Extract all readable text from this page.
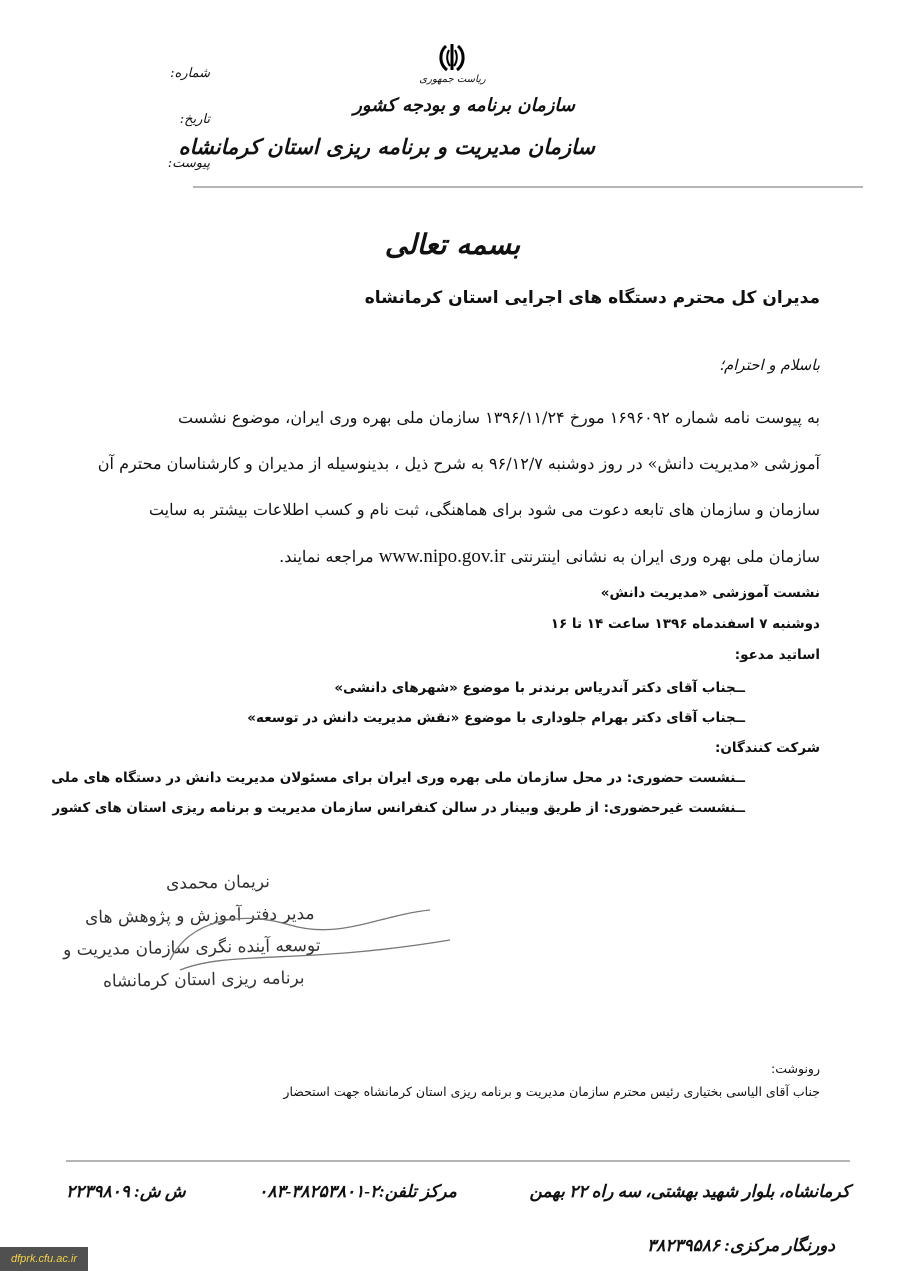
ریاست جمهوری
سازمان برنامه و بودجه کشور
سازمان مدیریت و برنامه ریزی استان کرمانشاه
شماره:
تاریخ:
پیوست:
بسمه تعالی
مدیران کل محترم دستگاه های اجرایی استان کرمانشاه
باسلام و احترام؛
به پیوست نامه شماره ۱۶۹۶۰۹۲ مورخ ۱۳۹۶/۱۱/۲۴ سازمان ملی بهره وری ایران، موضوع نشست
آموزشی «مدیریت دانش» در روز دوشنبه ۹۶/۱۲/۷ به شرح ذیل ، بدینوسیله از مدیران و کارشناسان محترم آن
سازمان و سازمان های تابعه دعوت می شود برای هماهنگی، ثبت نام و کسب اطلاعات بیشتر به سایت
سازمان ملی بهره وری ایران به نشانی اینترنتی www.nipo.gov.ir مراجعه نمایند.
نشست آموزشی «مدیریت دانش»
دوشنبه ۷ اسفندماه ۱۳۹۶ ساعت ۱۴ تا ۱۶
اساتید مدعو:
ــجناب آقای دکتر آندریاس برندنر با موضوع «شهرهای دانشی»
ــجناب آقای دکتر بهرام جلوداری با موضوع «نقش مدیریت دانش در توسعه»
شرکت کنندگان:
ــنشست حضوری: در محل سازمان ملی بهره وری ایران برای مسئولان مدیریت دانش در دستگاه های ملی
ــنشست غیرحضوری: از طریق وبینار در سالن کنفرانس سازمان مدیریت و برنامه ریزی استان های کشور
نریمان محمدی
مدیر دفتر آموزش و پژوهش های
توسعه آینده نگری سازمان مدیریت و
برنامه ریزی استان کرمانشاه
رونوشت:
جناب آقای الیاسی بختیاری رئیس محترم سازمان مدیریت و برنامه ریزی استان کرمانشاه جهت استحضار
کرمانشاه، بلوار شهید بهشتی، سه راه ۲۲ بهمن
مرکز تلفن:۲-۳۸۲۵۳۸۰۱-۰۸۳
ش ش: ۲۲۳۹۸۰۹
دورنگار مرکزی: ۳۸۲۳۹۵۸۶
dfprk.cfu.ac.ir
